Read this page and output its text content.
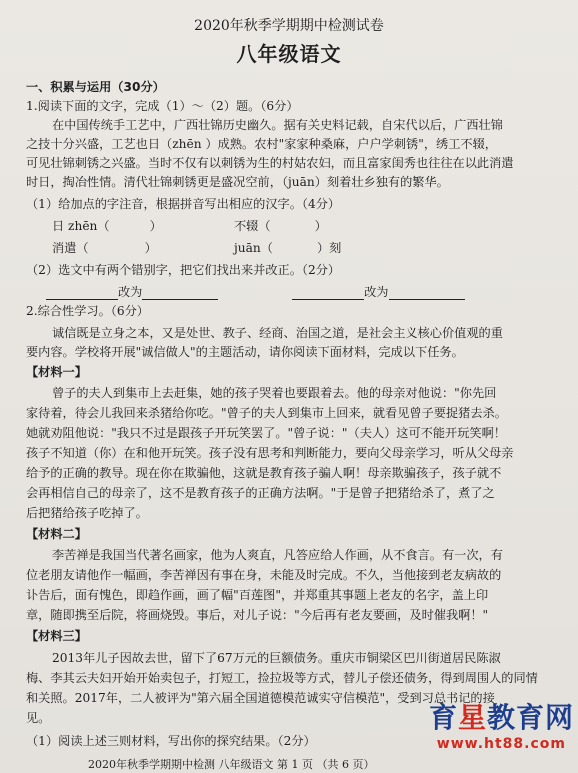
2020年秋季学期期中检测试卷
八年级语文
一、积累与运用（30分）
1.阅读下面的文字，完成（1）～（2）题。（6分）
在中国传统手工艺中，广西壮锦历史幽久。据有关史料记载，自宋代以后，广西壮锦
之技十分兴盛，工艺也日（zhēn ）成熟。农村"家家种桑麻，户户学刺锈"，绣工不辍，
可见壮锦刺锈之兴盛。当时不仅有以刺锈为生的村姑农妇，而且富家闺秀也往往在以此消遣
时日，掏冶性情。清代壮锦刺锈更是盛况空前，（juān）刻着壮乡独有的繁华。
（1）给加点的字注音，根据拼音写出相应的汉字。（4分）
日 zhēn（	）	不辍（	）
消遣（	）	juān（	）刻
（2）选文中有两个错别字，把它们找出来并改正。（2分）
改为	改为
2.综合性学习。（6分）
诚信既是立身之本，又是处世、教子、经商、治国之道，是社会主义核心价值观的重
要内容。学校将开展"诚信做人"的主题活动，请你阅读下面材料，完成以下任务。
【材料一】
曾子的夫人到集市上去赶集，她的孩子哭着也要跟着去。他的母亲对他说："你先回
家待着，待会儿我回来杀猪给你吃。"曾子的夫人到集市上回来，就看见曾子要捉猪去杀。
她就劝阻他说："我只不过是跟孩子开玩笑罢了。"曾子说："（夫人）这可不能开玩笑啊！
孩子不知道（你）在和他开玩笑。孩子没有思考和判断能力，要向父母亲学习，听从父母亲
给予的正确的教导。现在你在欺骗他，这就是教育孩子骗人啊！母亲欺骗孩子，孩子就不
会再相信自己的母亲了，这不是教育孩子的正确方法啊。"于是曾子把猪给杀了，煮了之
后把猪给孩子吃掉了。
【材料二】
李苦禅是我国当代著名画家，他为人爽直，凡答应给人作画，从不食言。有一次，有
位老朋友请他作一幅画，李苦禅因有事在身，未能及时完成。不久，当他接到老友病故的
讣告后，面有愧色，即趋作画，画了幅"百莲图"，并郑重其事题上老友的名字，盖上印
章，随即携至后院，将画烧毁。事后，对儿子说："今后再有老友要画，及时催我啊！"
【材料三】
2013年儿子因故去世，留下了67万元的巨额债务。重庆市铜梁区巴川街道居民陈淑
梅、李其云夫妇开始开始卖包子，打短工，捡拉圾等方式，替儿子偿还债务，得到周围人的同情
和关照。2017年，二人被评为"第六届全国道德模范诚实守信模范"，受到习总书记的接
见。
（1）阅读上述三则材料，写出你的探究结果。（2分）
2020年秋季学期期中检测 八年级语文 第 1 页 （共 6 页）
育星教育网
www.ht88.com
